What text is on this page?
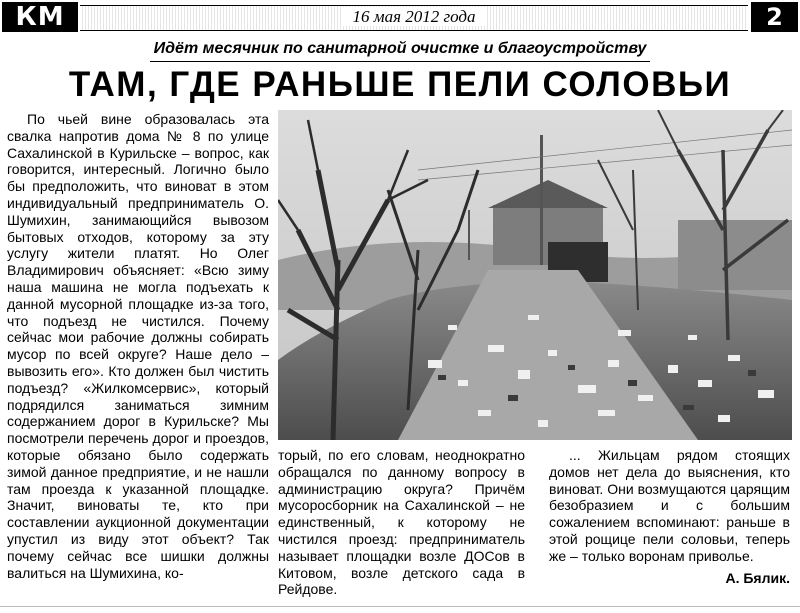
КМ	16 мая 2012 года	2
Идёт месячник по санитарной очистке и благоустройству
ТАМ, ГДЕ РАНЬШЕ ПЕЛИ СОЛОВЬИ

По чьей вине образовалась эта свалка напротив дома № 8 по улице Сахалинской в Курильске – вопрос, как говорится, интересный. Логично было бы предположить, что виноват в этом индивидуальный предприниматель О. Шумихин, занимающийся вывозом бытовых отходов, которому за эту услугу жители платят. Но Олег Владимирович объясняет: «Всю зиму наша машина не могла подъехать к данной мусорной площадке из-за того, что подъезд не чистился. Почему сейчас мои рабочие должны собирать мусор по всей округе? Наше дело – вывозить его». Кто должен был чистить подъезд? «Жилкомсервис», который подрядился заниматься зимним содержанием дорог в Курильске? Мы посмотрели перечень дорог и проездов, которые обязано было содержать зимой данное предприятие, и не нашли там проезда к указанной площадке. Значит, виноваты те, кто при составлении аукционной документации упустил из виду этот объект? Так почему сейчас все шишки должны валиться на Шумихина, ко-

торый, по его словам, неоднократно обращался по данному вопросу в администрацию округа? Причём мусоросборник на Сахалинской – не единственный, к которому не чистился проезд: предприниматель называет площадки возле ДОСов в Китовом, возле детского сада в Рейдове.

... Жильцам рядом стоящих домов нет дела до выяснения, кто виноват. Они возмущаются царящим безобразием и с большим сожалением вспоминают: раньше в этой рощице пели соловьи, теперь же – только воронам приволье.

А. Бялик.
